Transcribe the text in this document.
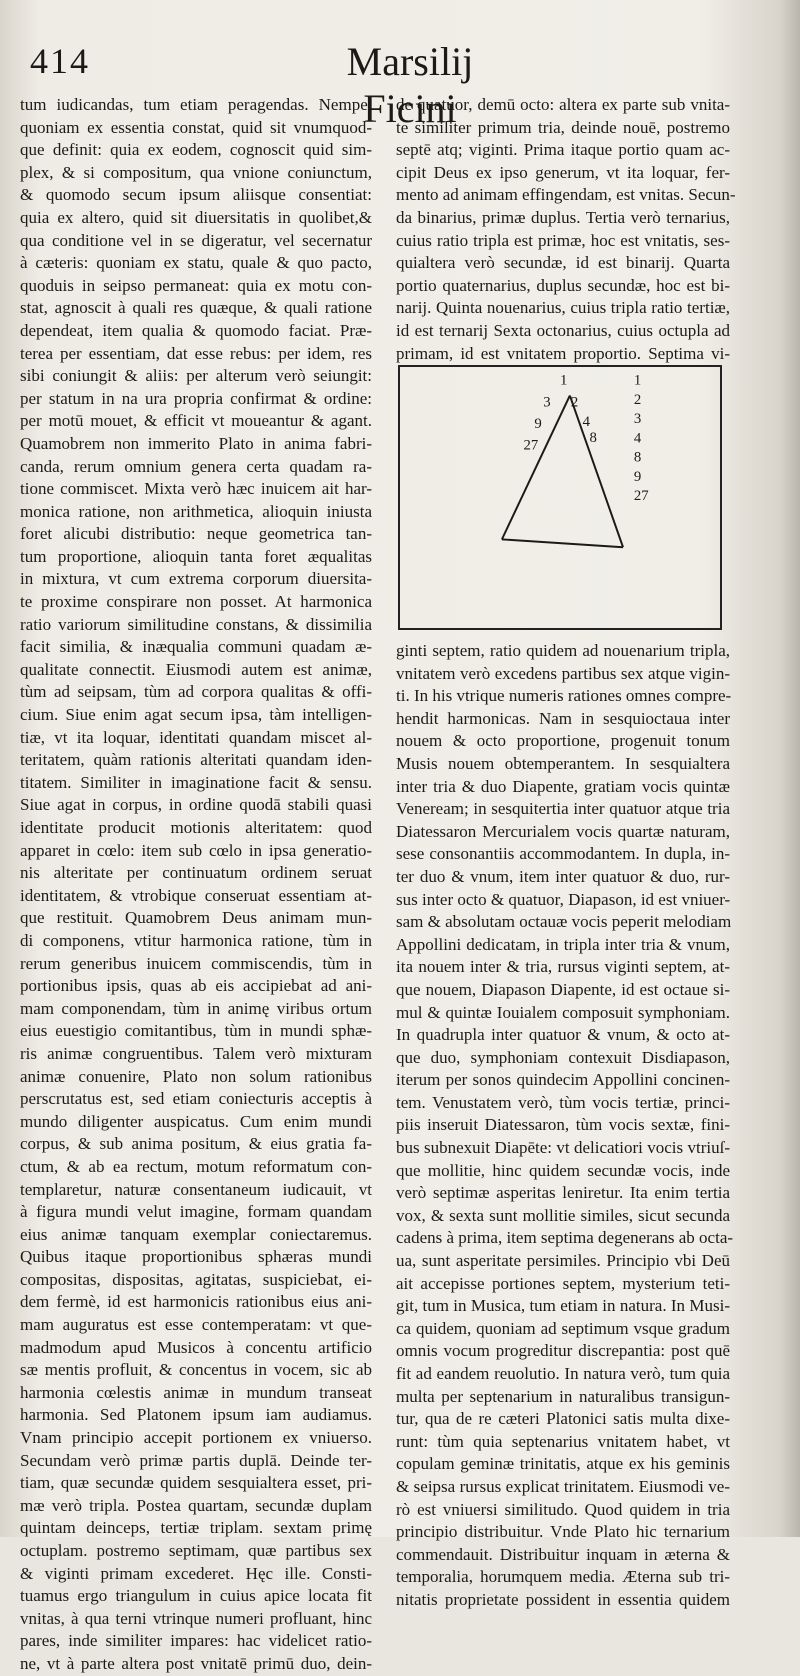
414	Marsilij Ficini

tum iudicandas, tum etiam peragendas. Nempe,

quoniam ex essentia constat, quid sit vnumquod-

que definit: quia ex eodem, cognoscit quid sim-

plex, & si compositum, qua vnione coniunctum,

& quomodo secum ipsum aliisque consentiat:

quia ex altero, quid sit diuersitatis in quolibet,&

qua conditione vel in se digeratur, vel secernatur

à cæteris: quoniam ex statu, quale & quo pacto,

quoduis in seipso permaneat: quia ex motu con-

stat, agnoscit à quali res quæque, & quali ratione

dependeat, item qualia & quomodo faciat. Præ-

terea per essentiam, dat esse rebus: per idem, res

sibi coniungit & aliis: per alterum verò seiungit:

per statum in na ura propria confirmat & ordine:

per motū mouet, & efficit vt moueantur & agant.

Quamobrem non immerito Plato in anima fabri-

canda, rerum omnium genera certa quadam ra-

tione commiscet. Mixta verò hæc inuicem ait har-

monica ratione, non arithmetica, alioquin iniusta

foret alicubi distributio: neque geometrica tan-

tum proportione, alioquin tanta foret æqualitas

in mixtura, vt cum extrema corporum diuersita-

te proxime conspirare non posset. At harmonica

ratio variorum similitudine constans, & dissimilia

facit similia, & inæqualia communi quadam æ-

qualitate connectit. Eiusmodi autem est animæ,

tùm ad seipsam, tùm ad corpora qualitas & offi-

cium. Siue enim agat secum ipsa, tàm intelligen-

tiæ, vt ita loquar, identitati quandam miscet al-

teritatem, quàm rationis alteritati quandam iden-

titatem. Similiter in imaginatione facit & sensu.

Siue agat in corpus, in ordine quodā stabili quasi

identitate producit motionis alteritatem: quod

apparet in cœlo: item sub cœlo in ipsa generatio-

nis alteritate per continuatum ordinem seruat

identitatem, & vtrobique conseruat essentiam at-

que restituit. Quamobrem Deus animam mun-

di componens, vtitur harmonica ratione, tùm in

rerum generibus inuicem commiscendis, tùm in

portionibus ipsis, quas ab eis accipiebat ad ani-

mam componendam, tùm in animę viribus ortum

eius euestigio comitantibus, tùm in mundi sphæ-

ris animæ congruentibus. Talem verò mixturam

animæ conuenire, Plato non solum rationibus

perscrutatus est, sed etiam coniecturis acceptis à

mundo diligenter auspicatus. Cum enim mundi

corpus, & sub anima positum, & eius gratia fa-

ctum, & ab ea rectum, motum reformatum con-

templaretur, naturæ consentaneum iudicauit, vt

à figura mundi velut imagine, formam quandam

eius animæ tanquam exemplar coniectaremus.

Quibus itaque proportionibus sphæras mundi

compositas, dispositas, agitatas, suspiciebat, ei-

dem fermè, id est harmonicis rationibus eius ani-

mam auguratus est esse contemperatam: vt que-

madmodum apud Musicos à concentu artificio

sæ mentis profluit, & concentus in vocem, sic ab

harmonia cœlestis animæ in mundum transeat

harmonia. Sed Platonem ipsum iam audiamus.

Vnam principio accepit portionem ex vniuerso.

Secundam verò primæ partis duplā. Deinde ter-

tiam, quæ secundæ quidem sesquialtera esset, pri-

mæ verò tripla. Postea quartam, secundæ duplam

quintam deinceps, tertiæ triplam. sextam primę

octuplam. postremo septimam, quæ partibus sex

& viginti primam excederet. Hęc ille. Consti-

tuamus ergo triangulum in cuius apice locata fit

vnitas, à qua terni vtrinque numeri profluant, hinc

pares, inde similiter impares: hac videlicet ratio-

ne, vt à parte altera post vnitatē primū duo, dein-

de quatuor, demū octo: altera ex parte sub vnita-

te similiter primum tria, deinde nouē, postremo

septē atq; viginti. Prima itaque portio quam ac-

cipit Deus ex ipso generum, vt ita loquar, fer-

mento ad animam effingendam, est vnitas. Secun-

da binarius, primæ duplus. Tertia verò ternarius,

cuius ratio tripla est primæ, hoc est vnitatis, ses-

quialtera verò secundæ, id est binarij. Quarta

portio quaternarius, duplus secundæ, hoc est bi-

narij. Quinta nouenarius, cuius tripla ratio tertiæ,

id est ternarij Sexta octonarius, cuius octupla ad

primam, id est vnitatem proportio. Septima vi-

1
3
9
27
2
4
8
1
2
3
4
8
9
27

ginti septem, ratio quidem ad nouenarium tripla,

vnitatem verò excedens partibus sex atque vigin-

ti. In his vtrique numeris rationes omnes compre-

hendit harmonicas. Nam in sesquioctaua inter

nouem & octo proportione, progenuit tonum

Musis nouem obtemperantem. In sesquialtera

inter tria & duo Diapente, gratiam vocis quintæ

Veneream; in sesquitertia inter quatuor atque tria

Diatessaron Mercurialem vocis quartæ naturam,

sese consonantiis accommodantem. In dupla, in-

ter duo & vnum, item inter quatuor & duo, rur-

sus inter octo & quatuor, Diapason, id est vniuer-

sam & absolutam octauæ vocis peperit melodiam

Appollini dedicatam, in tripla inter tria & vnum,

ita nouem inter & tria, rursus viginti septem, at-

que nouem, Diapason Diapente, id est octaue si-

mul & quintæ Iouialem composuit symphoniam.

In quadrupla inter quatuor & vnum, & octo at-

que duo, symphoniam contexuit Disdiapason,

iterum per sonos quindecim Appollini concinen-

tem. Venustatem verò, tùm vocis tertiæ, princi-

piis inseruit Diatessaron, tùm vocis sextæ, fini-

bus subnexuit Diapēte: vt delicatiori vocis vtriuſ-

que mollitie, hinc quidem secundæ vocis, inde

verò septimæ asperitas leniretur. Ita enim tertia

vox, & sexta sunt mollitie similes, sicut secunda

cadens à prima, item septima degenerans ab octa-

ua, sunt asperitate persimiles. Principio vbi Deū

ait accepisse portiones septem, mysterium teti-

git, tum in Musica, tum etiam in natura. In Musi-

ca quidem, quoniam ad septimum vsque gradum

omnis vocum progreditur discrepantia: post quē

fit ad eandem reuolutio. In natura verò, tum quia

multa per septenarium in naturalibus transigun-

tur, qua de re cæteri Platonici satis multa dixe-

runt: tùm quia septenarius vnitatem habet, vt

copulam geminæ trinitatis, atque ex his geminis

& seipsa rursus explicat trinitatem. Eiusmodi ve-

rò est vniuersi similitudo. Quod quidem in tria

principio distribuitur. Vnde Plato hic ternarium

commendauit. Distribuitur inquam in æterna &

temporalia, horumquem media. Æterna sub tri-

nitatis proprietate possident in essentia quidem
